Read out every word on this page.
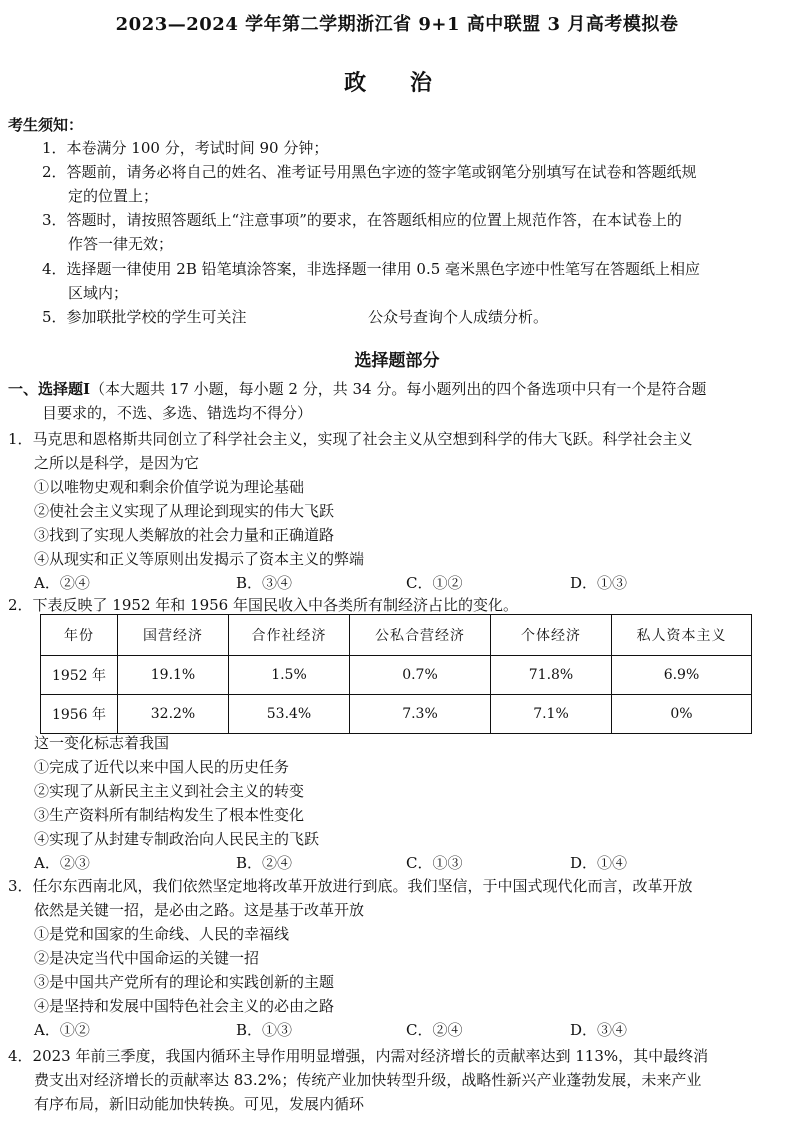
2023—2024 学年第二学期浙江省 9+1 高中联盟 3 月高考模拟卷
政 治
考生须知：
1．本卷满分 100 分，考试时间 90 分钟；
2．答题前，请务必将自己的姓名、准考证号用黑色字迹的签字笔或钢笔分别填写在试卷和答题纸规
定的位置上；
3．答题时，请按照答题纸上“注意事项”的要求，在答题纸相应的位置上规范作答，在本试卷上的
作答一律无效；
4．选择题一律使用 2B 铅笔填涂答案，非选择题一律用 0.5 毫米黑色字迹中性笔写在答题纸上相应
区域内；
5．参加联批学校的学生可关注	公众号查询个人成绩分析。
选择题部分
一、选择题Ⅰ（本大题共 17 小题，每小题 2 分，共 34 分。每小题列出的四个备选项中只有一个是符合题
目要求的，不选、多选、错选均不得分）
1．马克思和恩格斯共同创立了科学社会主义，实现了社会主义从空想到科学的伟大飞跃。科学社会主义
之所以是科学，是因为它
①以唯物史观和剩余价值学说为理论基础
②使社会主义实现了从理论到现实的伟大飞跃
③找到了实现人类解放的社会力量和正确道路
④从现实和正义等原则出发揭示了资本主义的弊端
A．②④	B．③④	C．①②	D．①③
2．下表反映了 1952 年和 1956 年国民收入中各类所有制经济占比的变化。
年份	国营经济	合作社经济	公私合营经济	个体经济	私人资本主义
1952 年	19.1%	1.5%	0.7%	71.8%	6.9%
1956 年	32.2%	53.4%	7.3%	7.1%	0%
这一变化标志着我国
①完成了近代以来中国人民的历史任务
②实现了从新民主主义到社会主义的转变
③生产资料所有制结构发生了根本性变化
④实现了从封建专制政治向人民民主的飞跃
A．②③	B．②④	C．①③	D．①④
3．任尔东西南北风，我们依然坚定地将改革开放进行到底。我们坚信，于中国式现代化而言，改革开放
依然是关键一招，是必由之路。这是基于改革开放
①是党和国家的生命线、人民的幸福线
②是决定当代中国命运的关键一招
③是中国共产党所有的理论和实践创新的主题
④是坚持和发展中国特色社会主义的必由之路
A．①②	B．①③	C．②④	D．③④
4．2023 年前三季度，我国内循环主导作用明显增强，内需对经济增长的贡献率达到 113%，其中最终消
费支出对经济增长的贡献率达 83.2%；传统产业加快转型升级，战略性新兴产业蓬勃发展，未来产业
有序布局，新旧动能加快转换。可见，发展内循环
